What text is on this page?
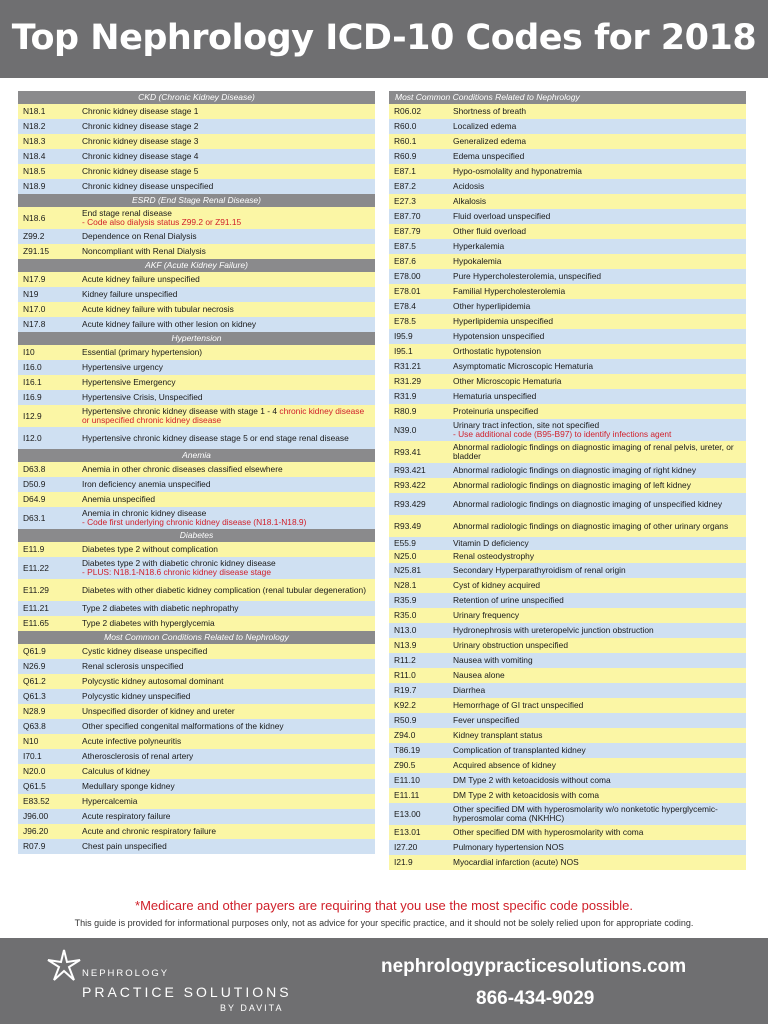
Top Nephrology ICD-10 Codes for 2018
CKD (Chronic Kidney Disease)
N18.1	Chronic kidney disease stage 1
N18.2	Chronic kidney disease stage 2
N18.3	Chronic kidney disease stage 3
N18.4	Chronic kidney disease stage 4
N18.5	Chronic kidney disease stage 5
N18.9	Chronic kidney disease unspecified
ESRD (End Stage Renal Disease)
N18.6	End stage renal disease
- Code also dialysis status Z99.2 or Z91.15
Z99.2	Dependence on Renal Dialysis
Z91.15	Noncompliant with Renal Dialysis
AKF (Acute Kidney Failure)
N17.9	Acute kidney failure unspecified
N19	Kidney failure unspecified
N17.0	Acute kidney failure with tubular necrosis
N17.8	Acute kidney failure with other lesion on kidney
Hypertension
I10	Essential (primary hypertension)
I16.0	Hypertensive urgency
I16.1	Hypertensive Emergency
I16.9	Hypertensive Crisis, Unspecified
I12.9	Hypertensive chronic kidney disease with stage 1 - 4 chronic kidney disease or unspecified chronic kidney disease
I12.0	Hypertensive chronic kidney disease stage 5 or end stage renal disease
Anemia
D63.8	Anemia in other chronic diseases classified elsewhere
D50.9	Iron deficiency anemia unspecified
D64.9	Anemia unspecified
D63.1	Anemia in chronic kidney disease
- Code first underlying chronic kidney disease (N18.1-N18.9)
Diabetes
E11.9	Diabetes type 2 without complication
E11.22	Diabetes type 2 with diabetic chronic kidney disease
- PLUS: N18.1-N18.6 chronic kidney disease stage
E11.29	Diabetes with other diabetic kidney complication (renal tubular degeneration)
E11.21	Type 2 diabetes with diabetic nephropathy
E11.65	Type 2 diabetes with hyperglycemia
Most Common Conditions Related to Nephrology
Q61.9	Cystic kidney disease unspecified
N26.9	Renal sclerosis unspecified
Q61.2	Polycystic kidney autosomal dominant
Q61.3	Polycystic kidney unspecified
N28.9	Unspecified disorder of kidney and ureter
Q63.8	Other specified congenital malformations of the kidney
N10	Acute infective polyneuritis
I70.1	Atherosclerosis of renal artery
N20.0	Calculus of kidney
Q61.5	Medullary sponge kidney
E83.52	Hypercalcemia
J96.00	Acute respiratory failure
J96.20	Acute and chronic respiratory failure
R07.9	Chest pain unspecified
Most Common Conditions Related to Nephrology
R06.02	Shortness of breath
R60.0	Localized edema
R60.1	Generalized edema
R60.9	Edema unspecified
E87.1	Hypo-osmolality and hyponatremia
E87.2	Acidosis
E27.3	Alkalosis
E87.70	Fluid overload unspecified
E87.79	Other fluid overload
E87.5	Hyperkalemia
E87.6	Hypokalemia
E78.00	Pure Hypercholesterolemia, unspecified
E78.01	Familial Hypercholesterolemia
E78.4	Other hyperlipidemia
E78.5	Hyperlipidemia unspecified
I95.9	Hypotension unspecified
I95.1	Orthostatic hypotension
R31.21	Asymptomatic Microscopic Hematuria
R31.29	Other Microscopic Hematuria
R31.9	Hematuria unspecified
R80.9	Proteinuria unspecified
N39.0	Urinary tract infection, site not specified
- Use additional code (B95-B97) to identify infections agent
R93.41	Abnormal radiologic findings on diagnostic imaging of renal pelvis, ureter, or bladder
R93.421	Abnormal radiologic findings on diagnostic imaging of right kidney
R93.422	Abnormal radiologic findings on diagnostic imaging of left kidney
R93.429	Abnormal radiologic findings on diagnostic imaging of unspecified kidney
R93.49	Abnormal radiologic findings on diagnostic imaging of other urinary organs
E55.9	Vitamin D deficiency
N25.0	Renal osteodystrophy
N25.81	Secondary Hyperparathyroidism of renal origin
N28.1	Cyst of kidney acquired
R35.9	Retention of urine unspecified
R35.0	Urinary frequency
N13.0	Hydronephrosis with ureteropelvic junction obstruction
N13.9	Urinary obstruction unspecified
R11.2	Nausea with vomiting
R11.0	Nausea alone
R19.7	Diarrhea
K92.2	Hemorrhage of GI tract unspecified
R50.9	Fever unspecified
Z94.0	Kidney transplant status
T86.19	Complication of transplanted kidney
Z90.5	Acquired absence of kidney
E11.10	DM Type 2 with ketoacidosis without coma
E11.11	DM Type 2 with ketoacidosis with coma
E13.00	Other specified DM with hyperosmolarity w/o nonketotic hyperglycemic-hyperosmolar coma (NKHHC)
E13.01	Other specified DM with hyperosmolarity with coma
I27.20	Pulmonary hypertension NOS
I21.9	Myocardial infarction (acute) NOS
*Medicare and other payers are requiring that you use the most specific code possible.
This guide is provided for informational purposes only, not as advice for your specific practice, and it should not be solely relied upon for appropriate coding.
NEPHROLOGY
PRACTICE SOLUTIONS
BY DAVITA
nephrologypracticesolutions.com
866-434-9029
